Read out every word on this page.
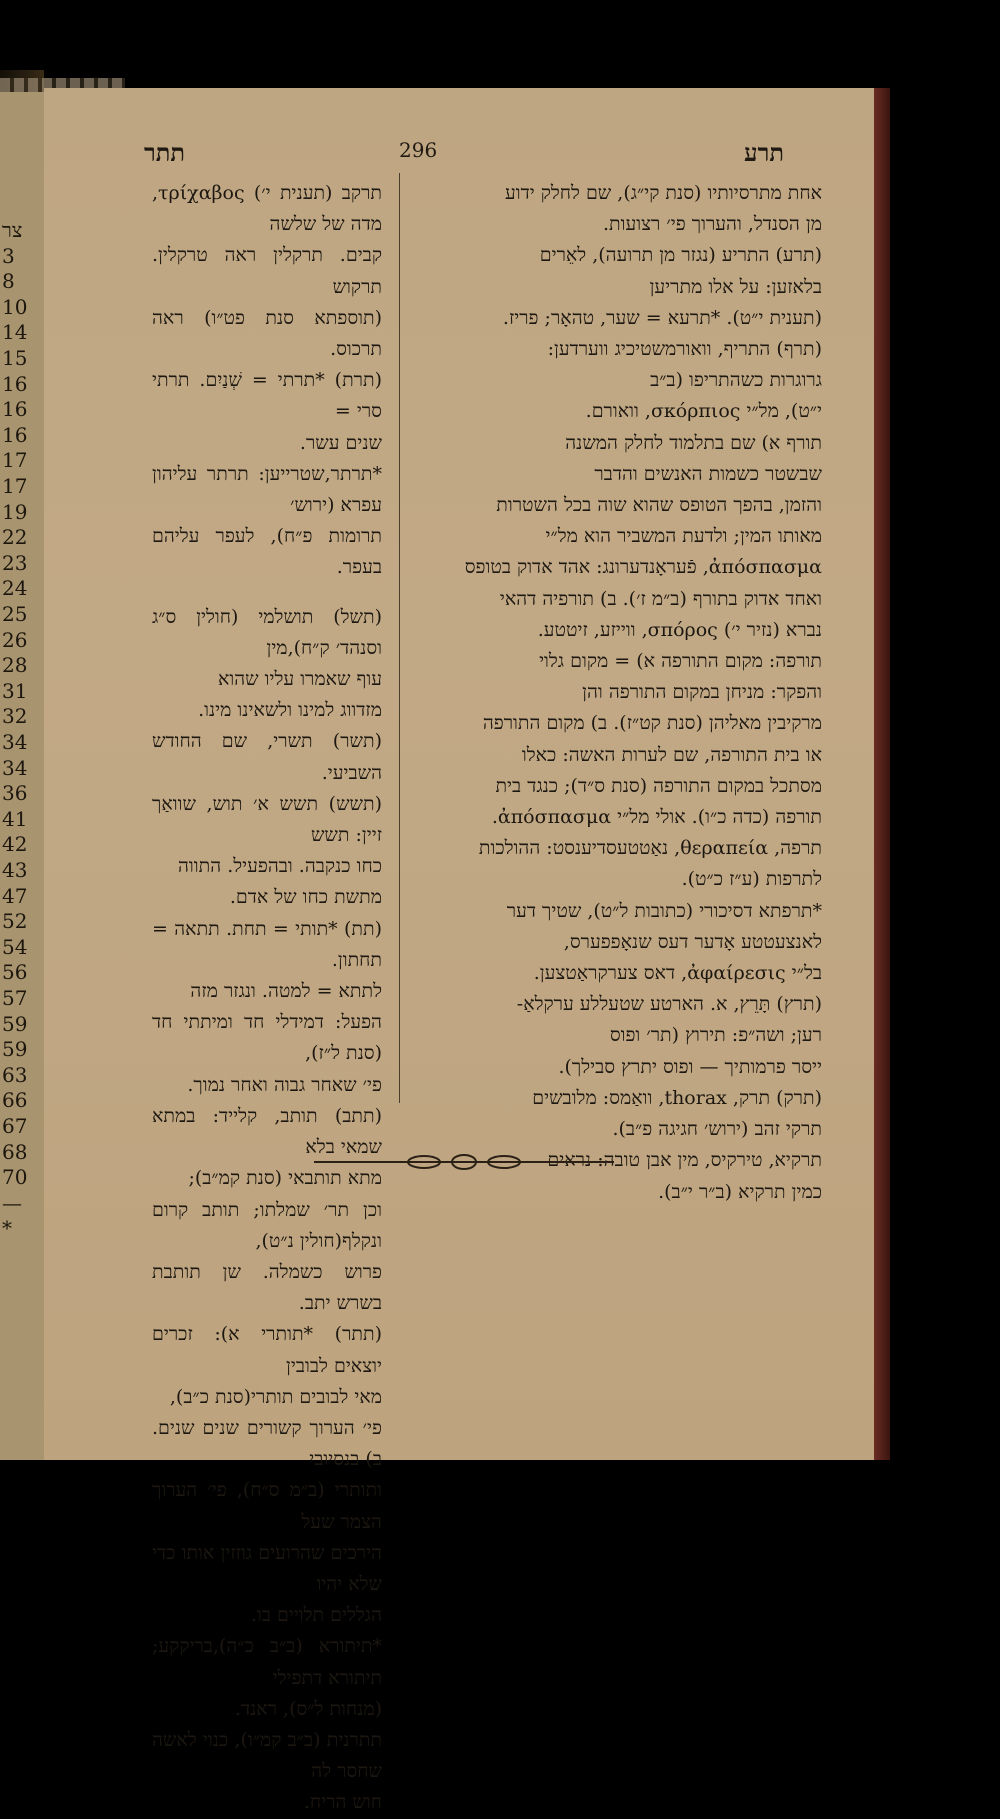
צר
3
8
10
14
15
16
16
16
17
17
19
22
23
24
25
26
28
31
32
34
34
36
41
42
43
47
52
54
56
57
59
59
63
66
67
68
70
—
*
תרע
296
תתר

אחת מתרסיותיו (סנת קי״ג), שם לחלק ידוע

מן הסנדל, והערוך פי׳ רצועות.

(תרע) התריע (נגזר מן תרועה), לאֵרים

בלאזען: על אלו מתריען

(תענית י״ט). *תרעא = שער, טהאָר; פריז.

(תרף) התריף, וואורמשטיכיג ווערדען:

גרוגרות כשהתריפו (ב״ב

י״ט), מל״י σκόρπιος, וואורם.

תורף א) שם בתלמוד לחלק המשנה

שבשטר כשמות האנשים והדבר

והזמן, בהפך הטופס שהוא שוה בכל השטרות

מאותו המין; ולדעת המשביר הוא מל״י

ἀπόσπασμα, פֿעראָנדערונג: אהד אדוק בטופס

ואחד אדוק בתורף (ב״מ ז׳). ב) תורפיה דהאי

נברא (נזיר י׳) σπόρος, ווייזע, זיטטע.

תורפה: מקום התורפה א) = מקום גלוי

והפקר: מניחן במקום התורפה והן

מרקיבין מאליהן (סנת קט״ז). ב) מקום התורפה

או בית התורפה, שם לערות האשה: כאלו

מסתכל במקום התורפה (סנת ס״ד); כנגד בית

תורפה (כדה כ״ו). אולי מל״י ἀπόσπασμα.

תרפה, θεραπεία, נאַטטעסדיענסט: ההולכות

לתרפות (ע״ז כ״ט).

*תרפתא דסיכורי (כתובות ל״ט), שטיך דער

לאנצעטטע אָדער דעס שנאָפפערס,

בל״י ἀφαίρεσις, דאס צערקראַטצען.

(תרץ) תָּרֵץ, א. הארטע שטעללע ערקלאַ-

רען; ושה״פ: תירוץ (תר׳ ופוס

ייסר פרמותיך — ופוס יתרץ סבילך).

(תרק) תרק, thorax, וואַמס: מלובשים

תרקי זהב (ירוש׳ חגיגה פ״ב).

תרקיא, טירקיס, מין אבן טובה: נראים

כמין תרקיא (ב״ר י״ב).

תרקב (תענית י׳) τρίχαβος, מדה של שלשה

קבים. תרקלין ראה טרקלין. תרקוש

(תוספתא סנת פט״ו) ראה תרכוס.

(תרת) *תרתי = שְׁנַיִם. תרתי סרי =

שנים עשר.

*תרתר,שטרייען: תרתר עליהון עפרא (ירוש׳

תרומות פ״ח), לעפר עליהם בעפר.

(תשל) תושלמי (חולין ס״ג וסנהד׳ ק״ח),מין

עוף שאמרו עליו שהוא

מזדווג למינו ולשאינו מינו.

(תשר) תשרי, שם החודש השביעי.

(תשש) תשש א׳ תוש, שוואַך זיין: תשש

כחו כנקבה. ובהפעיל. התווה

מתשת כחו של אדם.

(תת) *תותי = תחת. תתאה = תחתון.

לתתא = למטה. ונגזר מזה

הפעל: דמידלי חד ומיתתי חד (סנת ל״ז),

פי׳ שאחר גבוה ואחר נמוך.

(תתב) תותב, קלייד: במתא שמאי בלא

מתא תותבאי (סנת קמ״ב);

וכן תר׳ שמלתו; תותב קרום ונקלף(חולין נ״ט),

פרוש כשמלה. שן תותבת בשרש יתב.

(תתר) *תותרי א): זכרים יוצאים לבובין

מאי לבובים תותרי(סנת כ״ב),

פי׳ הערוך קשורים שנים שנים. ב) בנסיובי

ותותרי (ב״מ ס״ח), פי׳ הערוך הצמר שעל

הירכים שהרועים גוזזין אותו כדי שלא יהיו

הגללים תלויים בו.

*תיתורא (ב״ב כ״ה),בריקקע; תיתורא דתפילי

(מנחות ל״ס), ראנד.

תתרנית (ב״ב קמ״ו), כנוי לאשה שחסר לה

חוש הריח.
